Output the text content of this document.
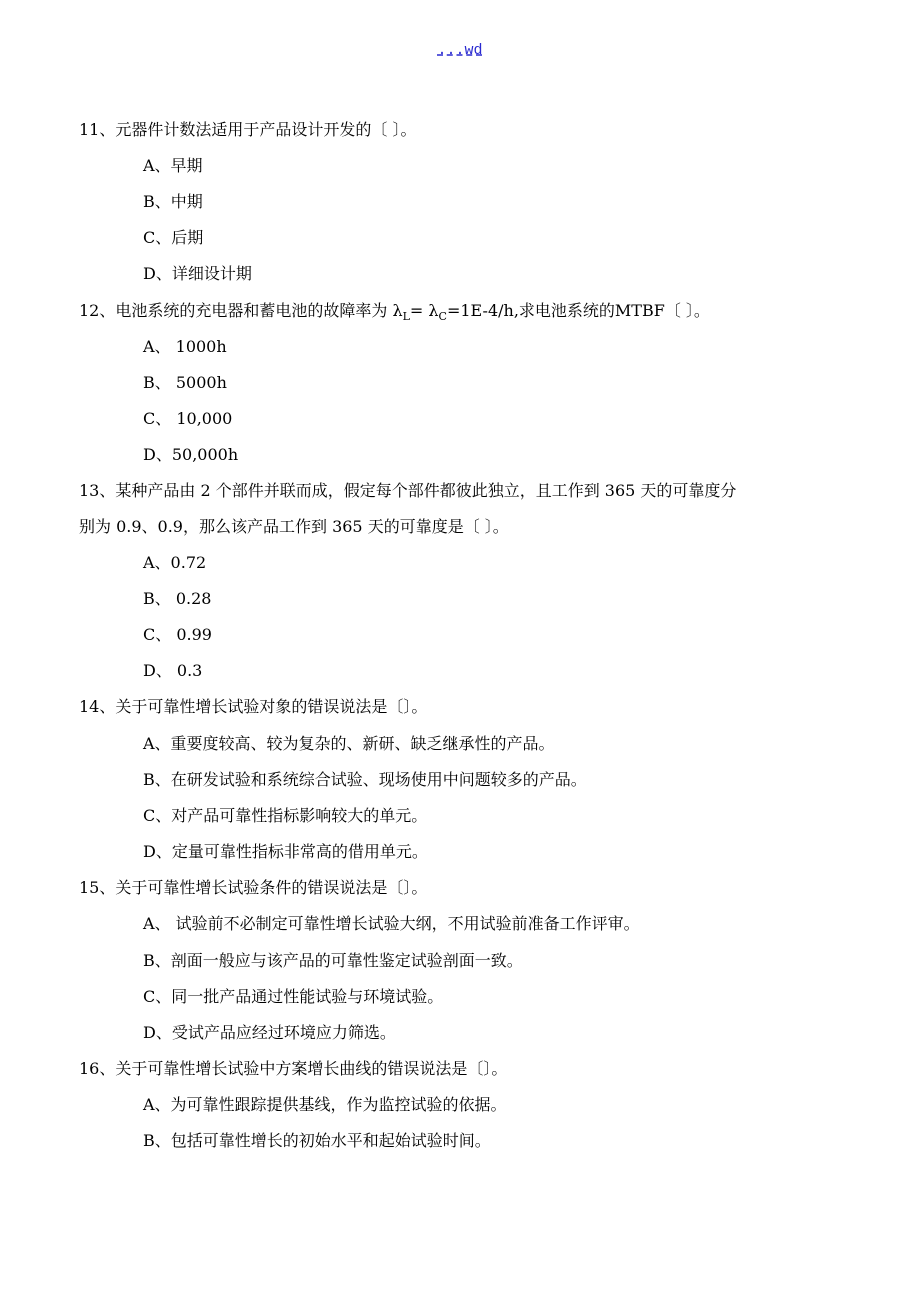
...wd
11、元器件计数法适用于产品设计开发的〔 〕。
A、早期
B、中期
C、后期
D、详细设计期
12、电池系统的充电器和蓄电池的故障率为 $\lambda_L= \lambda_C=1E-4/h$,求电池系统的MTBF〔 〕。
A、 1000h
B、 5000h
C、 10,000
D、50,000h
13、某种产品由 2 个部件并联而成，假定每个部件都彼此独立，且工作到 365 天的可靠度分
别为 0.9、0.9，那么该产品工作到 365 天的可靠度是〔 〕。
A、0.72
B、 0.28
C、 0.99
D、 0.3
14、关于可靠性增长试验对象的错误说法是〔〕。
A、重要度较高、较为复杂的、新研、缺乏继承性的产品。
B、在研发试验和系统综合试验、现场使用中问题较多的产品。
C、对产品可靠性指标影响较大的单元。
D、定量可靠性指标非常高的借用单元。
15、关于可靠性增长试验条件的错误说法是〔〕。
A、 试验前不必制定可靠性增长试验大纲，不用试验前准备工作评审。
B、剖面一般应与该产品的可靠性鉴定试验剖面一致。
C、同一批产品通过性能试验与环境试验。
D、受试产品应经过环境应力筛选。
16、关于可靠性增长试验中方案增长曲线的错误说法是〔〕。
A、为可靠性跟踪提供基线，作为监控试验的依据。
B、包括可靠性增长的初始水平和起始试验时间。
